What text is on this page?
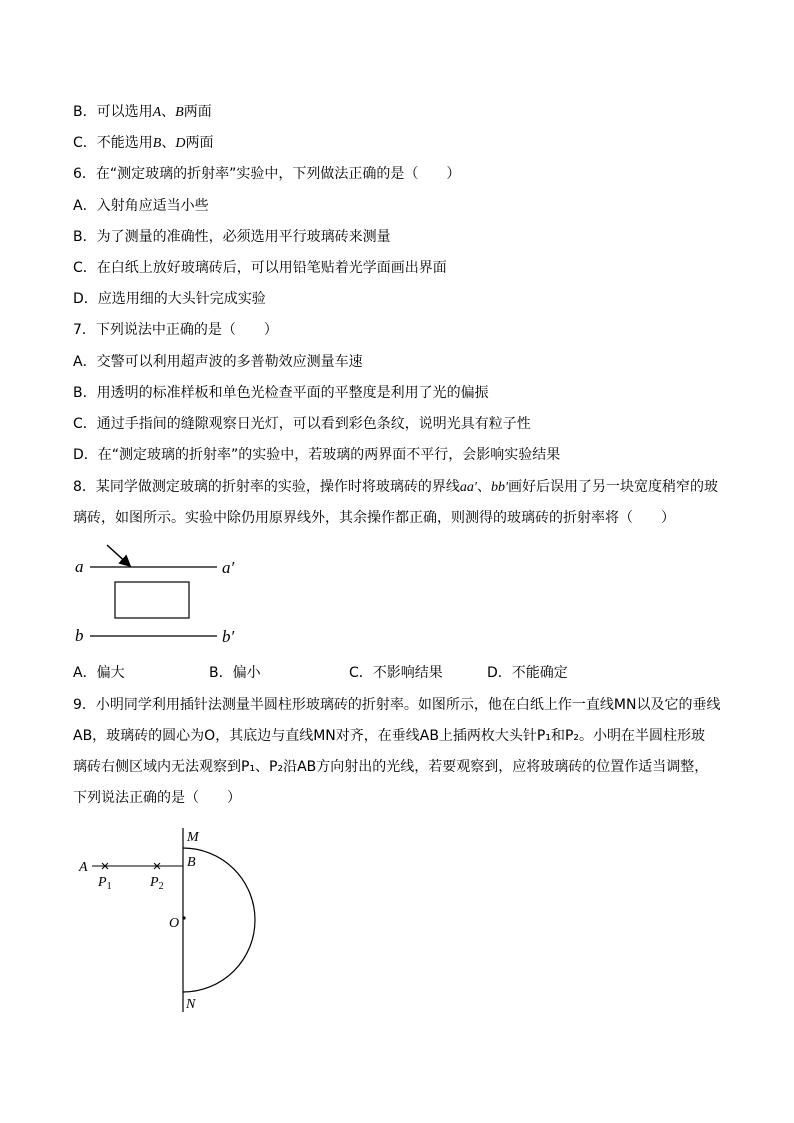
B．可以选用A、B两面
C．不能选用B、D两面
6．在“测定玻璃的折射率”实验中，下列做法正确的是（　　）
A．入射角应适当小些
B．为了测量的准确性，必须选用平行玻璃砖来测量
C．在白纸上放好玻璃砖后，可以用铅笔贴着光学面画出界面
D．应选用细的大头针完成实验
7．下列说法中正确的是（　　）
A．交警可以利用超声波的多普勒效应测量车速
B．用透明的标准样板和单色光检查平面的平整度是利用了光的偏振
C．通过手指间的缝隙观察日光灯，可以看到彩色条纹，说明光具有粒子性
D．在“测定玻璃的折射率”的实验中，若玻璃的两界面不平行，会影响实验结果
8．某同学做测定玻璃的折射率的实验，操作时将玻璃砖的界线aa′、bb′画好后误用了另一块宽度稍窄的玻
璃砖，如图所示。实验中除仍用原界线外，其余操作都正确，则测得的玻璃砖的折射率将（　　）
a	a′
b	b′
A．偏大	B．偏小	C．不影响结果	D．不能确定
9．小明同学利用插针法测量半圆柱形玻璃砖的折射率。如图所示，他在白纸上作一直线MN以及它的垂线
AB，玻璃砖的圆心为O，其底边与直线MN对齐，在垂线AB上插两枚大头针P₁和P₂。小明在半圆柱形玻
璃砖右侧区域内无法观察到P₁、P₂沿AB方向射出的光线，若要观察到，应将玻璃砖的位置作适当调整，
下列说法正确的是（　　）
M
B
A
O
N
$P_1$	$P_2$
